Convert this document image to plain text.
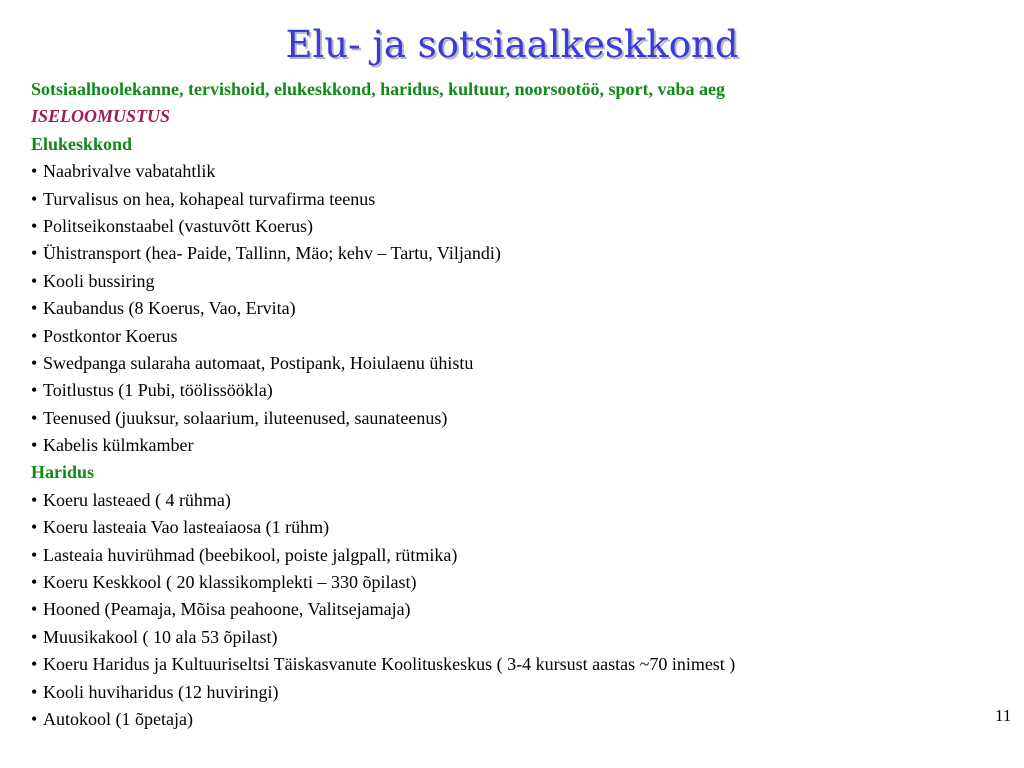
Elu- ja sotsiaalkeskkond
Sotsiaalhoolekanne, tervishoid, elukeskkond, haridus, kultuur, noorsootöö, sport, vaba aeg
ISELOOMUSTUS
Elukeskkond
• Naabrivalve vabatahtlik
• Turvalisus on hea, kohapeal turvafirma teenus
• Politseikonstaabel (vastuvõtt Koerus)
• Ühistransport (hea- Paide, Tallinn, Mäo; kehv – Tartu, Viljandi)
• Kooli bussiring
• Kaubandus (8 Koerus, Vao, Ervita)
• Postkontor Koerus
• Swedpanga sularaha automaat, Postipank, Hoiulaenu ühistu
• Toitlustus (1 Pubi, töölissöökla)
• Teenused (juuksur, solaarium, iluteenused, saunateenus)
• Kabelis külmkamber
Haridus
• Koeru lasteaed ( 4 rühma)
• Koeru lasteaia Vao lasteaiaosa (1 rühm)
• Lasteaia huvirühmad (beebikool, poiste jalgpall, rütmika)
• Koeru Keskkool ( 20 klassikomplekti – 330 õpilast)
• Hooned (Peamaja, Mõisa peahoone, Valitsejamaja)
• Muusikakool ( 10 ala 53 õpilast)
• Koeru Haridus ja Kultuuriseltsi Täiskasvanute Koolituskeskus ( 3-4 kursust aastas ~70 inimest )
• Kooli huviharidus (12 huviringi)
• Autokool (1 õpetaja)	11
